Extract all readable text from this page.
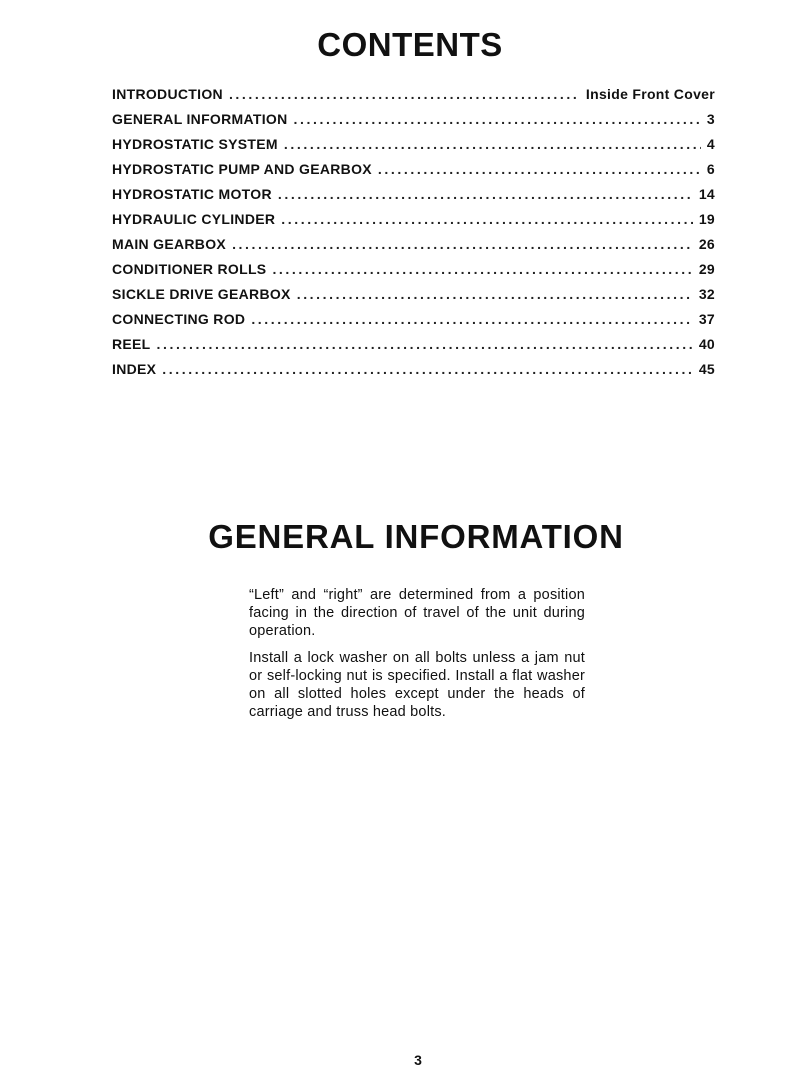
CONTENTS
INTRODUCTION .....	Inside Front Cover
GENERAL INFORMATION .....	3
HYDROSTATIC SYSTEM .....	4
HYDROSTATIC PUMP AND GEARBOX .....	6
HYDROSTATIC MOTOR .....	14
HYDRAULIC CYLINDER .....	19
MAIN GEARBOX .....	26
CONDITIONER ROLLS .....	29
SICKLE DRIVE GEARBOX .....	32
CONNECTING ROD .....	37
REEL .....	40
INDEX .....	45
GENERAL INFORMATION

“Left” and “right” are determined from a position facing in the direction of travel of the unit during operation.

Install a lock washer on all bolts unless a jam nut or self-locking nut is specified. Install a flat washer on all slotted holes except under the heads of carriage and truss head bolts.

3
